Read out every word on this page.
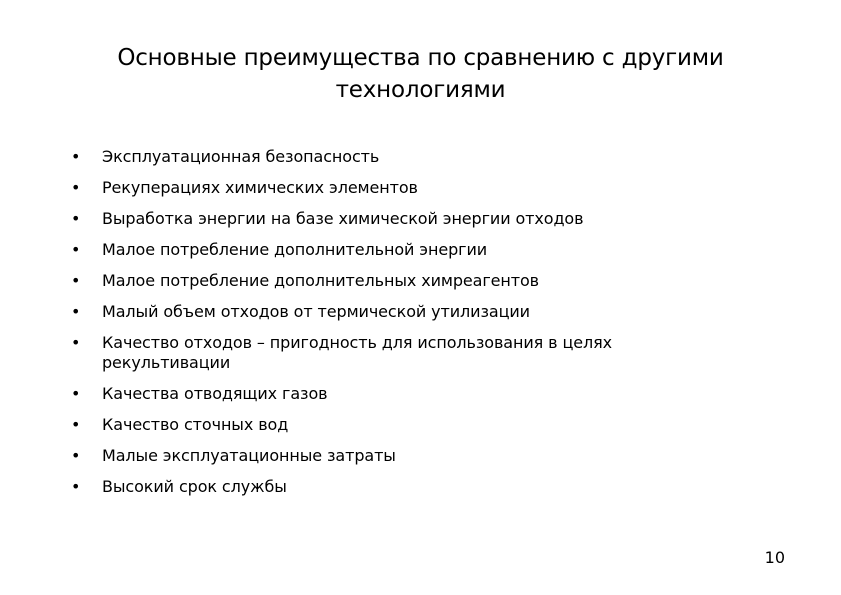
Основные преимущества по сравнению с другими технологиями
• Эксплуатационная безопасность
• Рекуперациях химических элементов
• Выработка энергии на базе химической энергии отходов
• Малое потребление дополнительной энергии
• Малое потребление дополнительных химреагентов
• Малый объем отходов от термической утилизации
• Качество отходов – пригодность для использования в целях рекультивации
• Качества отводящих газов
• Качество сточных вод
• Малые эксплуатационные затраты
• Высокий срок службы
10
